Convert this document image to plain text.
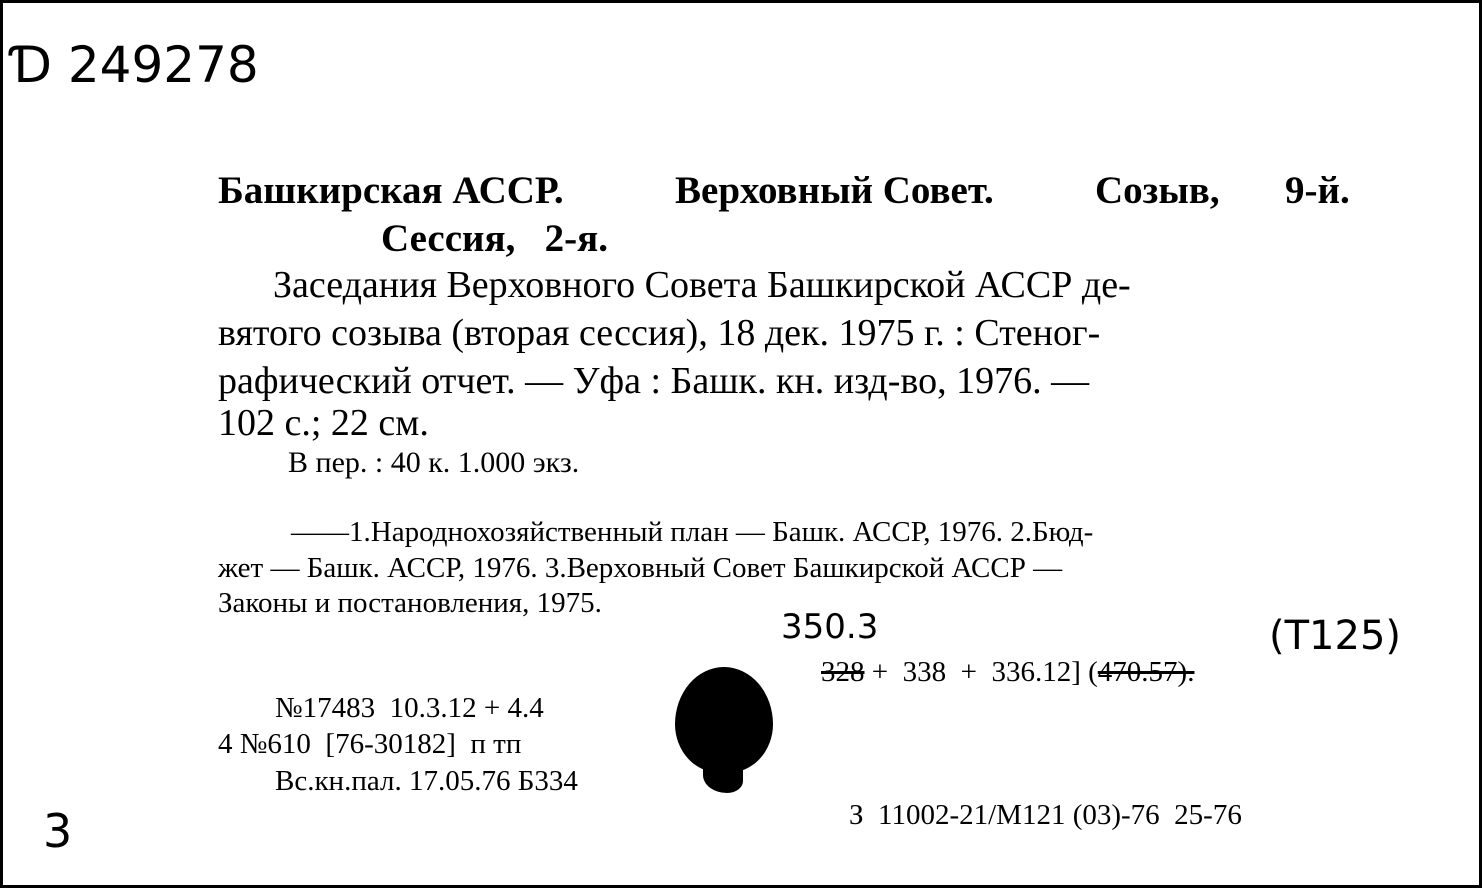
Ɗ 249278
Башкирская АССР.	Верховный Совет.	Созыв, 9-й.
Сессия,   2-я.
Заседания Верховного Совета Башкирской АССР де-
вятого созыва (вторая сессия), 18 дек. 1975 г. : Стеног-
рафический отчет. — Уфа : Башк. кн. изд-во, 1976. —
102 с.; 22 см.
В пер. : 40 к. 1.000 экз.
——1.Народнохозяйственный план — Башк. АССР, 1976. 2.Бюд-
жет — Башк. АССР, 1976. 3.Верховный Совет Башкирской АССР —
Законы и постановления, 1975.
350.3	(Т125)
328 +  338  +  336.12] (470.57).
№17483  10.3.12 + 4.4
4 №610  [76-30182]  п тп
Вс.кн.пал. 17.05.76 Б334
3	З  11002-21/М121 (03)-76  25-76
